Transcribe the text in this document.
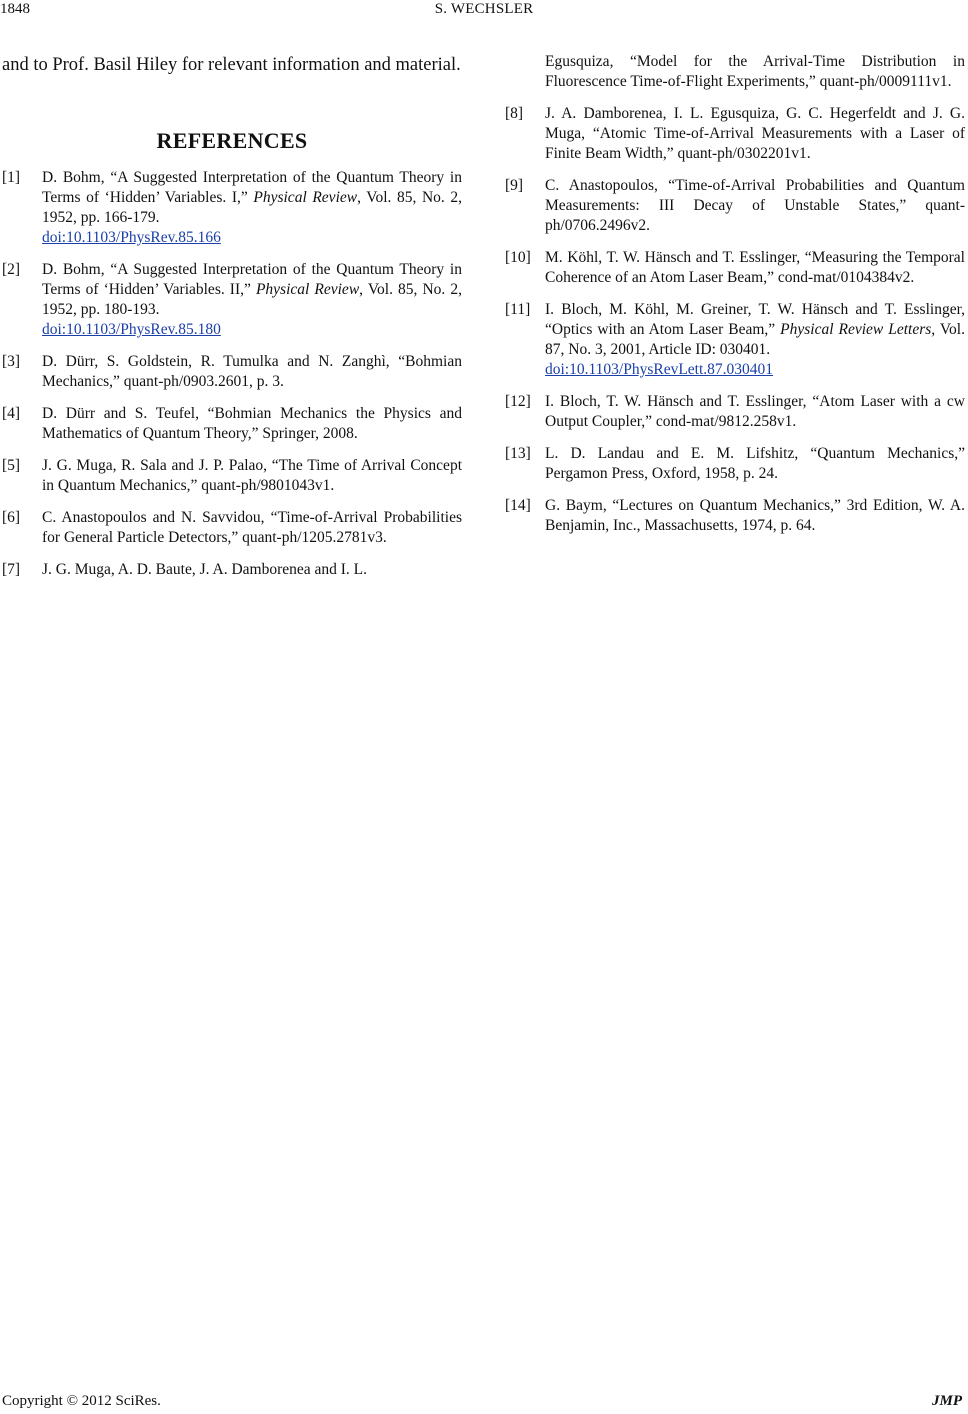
1848	S. WECHSLER

and to Prof. Basil Hiley for relevant information and material.

REFERENCES
[1]	D. Bohm, “A Suggested Interpretation of the Quantum Theory in Terms of ‘Hidden’ Variables. I,” Physical Review, Vol. 85, No. 2, 1952, pp. 166-179.
doi:10.1103/PhysRev.85.166
[2]	D. Bohm, “A Suggested Interpretation of the Quantum Theory in Terms of ‘Hidden’ Variables. II,” Physical Review, Vol. 85, No. 2, 1952, pp. 180-193.
doi:10.1103/PhysRev.85.180
[3]	D. Dürr, S. Goldstein, R. Tumulka and N. Zanghì, “Bohmian Mechanics,” quant-ph/0903.2601, p. 3.
[4]	D. Dürr and S. Teufel, “Bohmian Mechanics the Physics and Mathematics of Quantum Theory,” Springer, 2008.
[5]	J. G. Muga, R. Sala and J. P. Palao, “The Time of Arrival Concept in Quantum Mechanics,” quant-ph/9801043v1.
[6]	C. Anastopoulos and N. Savvidou, “Time-of-Arrival Probabilities for General Particle Detectors,” quant-ph/1205.2781v3.
[7]	J. G. Muga, A. D. Baute, J. A. Damborenea and I. L.
Egusquiza, “Model for the Arrival-Time Distribution in Fluorescence Time-of-Flight Experiments,” quant-ph/0009111v1.
[8]	J. A. Damborenea, I. L. Egusquiza, G. C. Hegerfeldt and J. G. Muga, “Atomic Time-of-Arrival Measurements with a Laser of Finite Beam Width,” quant-ph/0302201v1.
[9]	C. Anastopoulos, “Time-of-Arrival Probabilities and Quantum Measurements: III Decay of Unstable States,” quant-ph/0706.2496v2.
[10] M. Köhl, T. W. Hänsch and T. Esslinger, “Measuring the Temporal Coherence of an Atom Laser Beam,” cond-mat/0104384v2.
[11] I. Bloch, M. Köhl, M. Greiner, T. W. Hänsch and T. Esslinger, “Optics with an Atom Laser Beam,” Physical Review Letters, Vol. 87, No. 3, 2001, Article ID: 030401.
doi:10.1103/PhysRevLett.87.030401
[12] I. Bloch, T. W. Hänsch and T. Esslinger, “Atom Laser with a cw Output Coupler,” cond-mat/9812.258v1.
[13] L. D. Landau and E. M. Lifshitz, “Quantum Mechanics,” Pergamon Press, Oxford, 1958, p. 24.
[14] G. Baym, “Lectures on Quantum Mechanics,” 3rd Edition, W. A. Benjamin, Inc., Massachusetts, 1974, p. 64.
Copyright © 2012 SciRes.	JMP
